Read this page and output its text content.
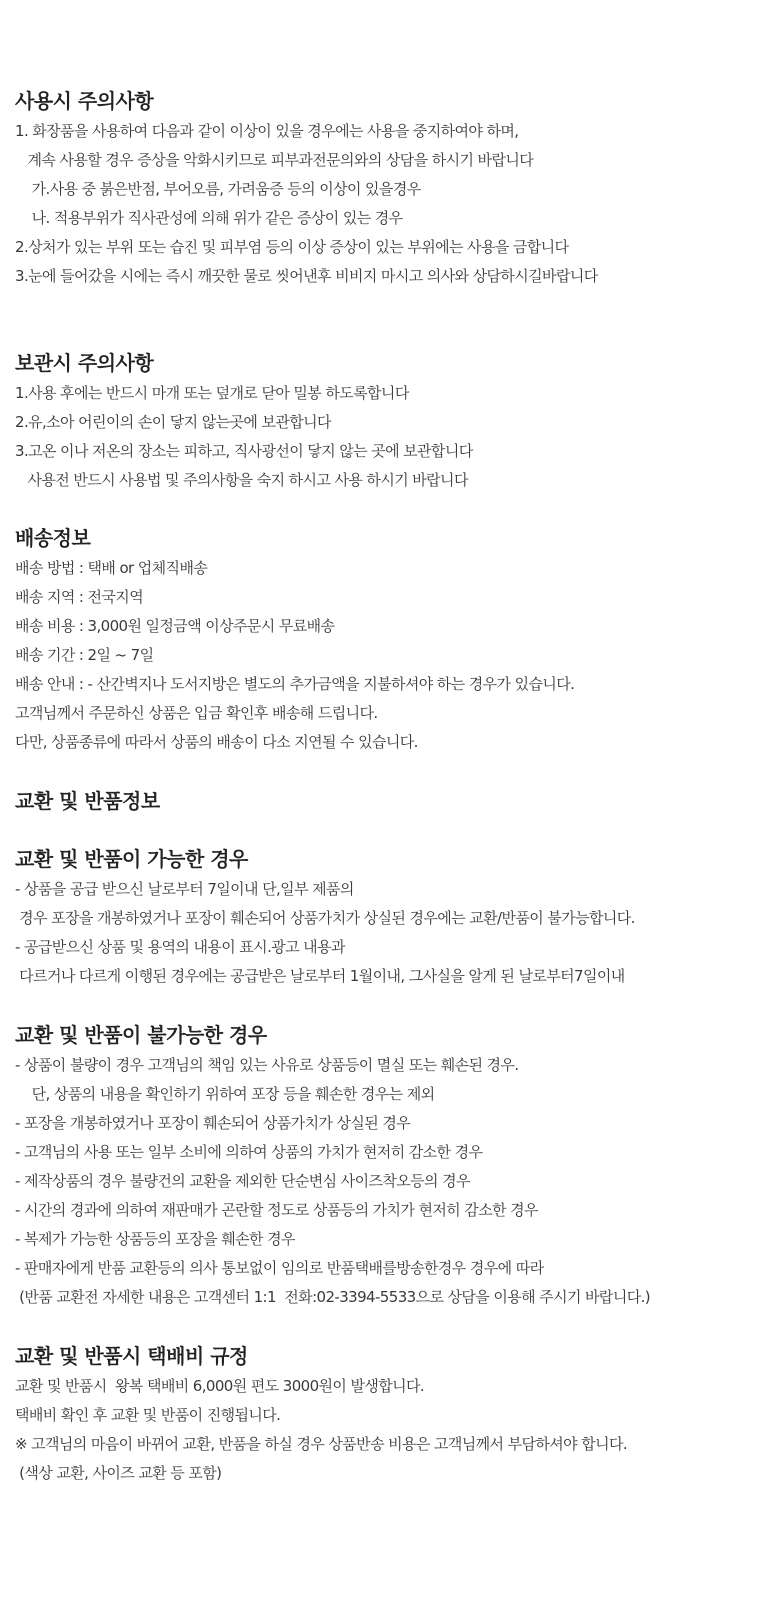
사용시 주의사항
1. 화장품을 사용하여 다음과 같이 이상이 있을 경우에는 사용을 중지하여야 하며,
계속 사용할 경우 증상을 악화시키므로 피부과전문의와의 상담을 하시기 바랍니다
가.사용 중 붉은반점, 부어오름, 가려움증 등의 이상이 있을경우
나. 적용부위가 직사관성에 의해 위가 같은 증상이 있는 경우
2.상처가 있는 부위 또는 습진 및 피부염 등의 이상 증상이 있는 부위에는 사용을 금합니다
3.눈에 들어갔을 시에는 즉시 깨끗한 물로 씻어낸후 비비지 마시고 의사와 상담하시길바랍니다
보관시 주의사항
1.사용 후에는 반드시 마개 또는 덮개로 닫아 밀봉 하도록합니다
2.유,소아 어린이의 손이 닿지 않는곳에 보관합니다
3.고온 이나 저온의 장소는 피하고, 직사광선이 닿지 않는 곳에 보관합니다
사용전 반드시 사용법 및 주의사항을 숙지 하시고 사용 하시기 바랍니다
배송정보
배송 방법 : 택배 or 업체직배송
배송 지역 : 전국지역
배송 비용 : 3,000원 일정금액 이상주문시 무료배송
배송 기간 : 2일 ~ 7일
배송 안내 : - 산간벽지나 도서지방은 별도의 추가금액을 지불하셔야 하는 경우가 있습니다.
고객님께서 주문하신 상품은 입금 확인후 배송해 드립니다.
다만, 상품종류에 따라서 상품의 배송이 다소 지연될 수 있습니다.
교환 및 반품정보
교환 및 반품이 가능한 경우
- 상품을 공급 받으신 날로부터 7일이내 단,일부 제품의
경우 포장을 개봉하였거나 포장이 훼손되어 상품가치가 상실된 경우에는 교환/반품이 불가능합니다.
- 공급받으신 상품 및 용역의 내용이 표시.광고 내용과
다르거나 다르게 이행된 경우에는 공급받은 날로부터 1월이내, 그사실을 알게 된 날로부터7일이내
교환 및 반품이 불가능한 경우
- 상품이 불량이 경우 고객님의 책임 있는 사유로 상품등이 멸실 또는 훼손된 경우.
단, 상품의 내용을 확인하기 위하여 포장 등을 훼손한 경우는 제외
- 포장을 개봉하였거나 포장이 훼손되어 상품가치가 상실된 경우
- 고객님의 사용 또는 일부 소비에 의하여 상품의 가치가 현저히 감소한 경우
- 제작상품의 경우 불량건의 교환을 제외한 단순변심 사이즈착오등의 경우
- 시간의 경과에 의하여 재판매가 곤란할 정도로 상품등의 가치가 현저히 감소한 경우
- 복제가 가능한 상품등의 포장을 훼손한 경우
- 판매자에게 반품 교환등의 의사 통보없이 임의로 반품택배를방송한경우 경우에 따라
(반품 교환전 자세한 내용은 고객센터 1:1  전화:02-3394-5533으로 상담을 이용해 주시기 바랍니다.)
교환 및 반품시 택배비 규정
교환 및 반품시  왕복 택배비 6,000원 편도 3000원이 발생합니다.
택배비 확인 후 교환 및 반품이 진행됩니다.
※ 고객님의 마음이 바뀌어 교환, 반품을 하실 경우 상품반송 비용은 고객님께서 부담하셔야 합니다.
(색상 교환, 사이즈 교환 등 포함)
